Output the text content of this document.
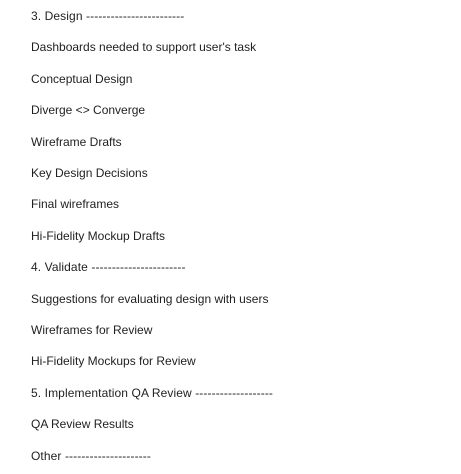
3. Design ------------------------
Dashboards needed to support user's task
Conceptual Design
Diverge <> Converge
Wireframe Drafts
Key Design Decisions
Final wireframes
Hi-Fidelity Mockup Drafts
4. Validate -----------------------
Suggestions for evaluating design with users
Wireframes for Review
Hi-Fidelity Mockups for Review
5. Implementation QA Review -------------------
QA Review Results
Other ---------------------
